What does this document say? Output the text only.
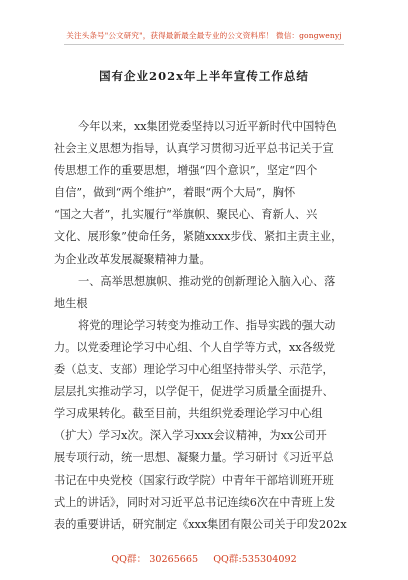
关注头条号"公文研究"，获得最新最全最专业的公文资料库！ 微信：gongwenyj
国有企业202x年上半年宣传工作总结
今年以来，xx集团党委坚持以习近平新时代中国特色
社会主义思想为指导，认真学习贯彻习近平总书记关于宣
传思想工作的重要思想，增强“四个意识”，坚定“四个
自信”，做到“两个维护”，着眼“两个大局”，胸怀
“国之大者”，扎实履行“举旗帜、聚民心、育新人、兴
文化、展形象”使命任务，紧随xxxx步伐、紧扣主责主业，
为企业改革发展凝聚精神力量。
一、高举思想旗帜、推动党的创新理论入脑入心、落
地生根
将党的理论学习转变为推动工作、指导实践的强大动
力。以党委理论学习中心组、个人自学等方式，xx各级党
委（总支、支部）理论学习中心组坚持带头学、示范学，
层层扎实推动学习，以学促干，促进学习质量全面提升、
学习成果转化。截至目前，共组织党委理论学习中心组
（扩大）学习x次。深入学习xxx会议精神，为xx公司开
展专项行动，统一思想、凝聚力量。学习研讨《习近平总
书记在中央党校（国家行政学院）中青年干部培训班开班
式上的讲话》，同时对习近平总书记连续6次在中青班上发
表的重要讲话，研究制定《xxx集团有限公司关于印发202x
QQ群： 30265665 QQ群:535304092
